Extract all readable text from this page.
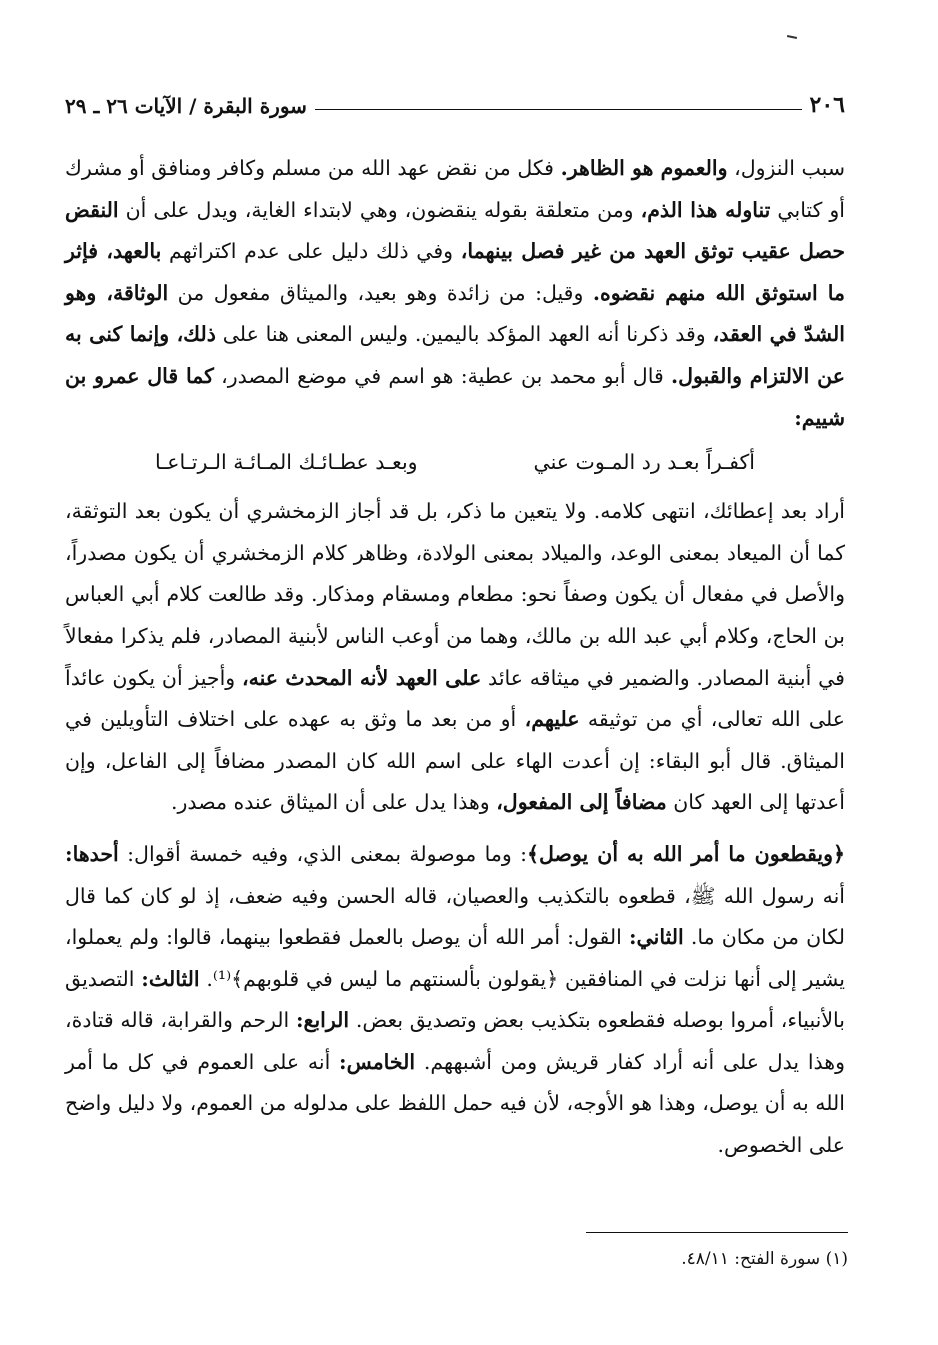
٢٠٦
سورة البقرة / الآيات ٢٦ ـ ٢٩

سبب النزول، والعموم هو الظاهر. فكل من نقض عهد الله من مسلم وكافر ومنافق أو مشرك أو كتابي تناوله هذا الذم، ومن متعلقة بقوله ينقضون، وهي لابتداء الغاية، ويدل على أن النقض حصل عقيب توثق العهد من غير فصل بينهما، وفي ذلك دليل على عدم اكتراثهم بالعهد، فإثر ما استوثق الله منهم نقضوه. وقيل: من زائدة وهو بعيد، والميثاق مفعول من الوثاقة، وهو الشدّ في العقد، وقد ذكرنا أنه العهد المؤكد باليمين. وليس المعنى هنا على ذلك، وإنما كنى به عن الالتزام والقبول. قال أبو محمد بن عطية: هو اسم في موضع المصدر، كما قال عمرو بن شييم:

أكفـراً بعـد رد المـوت عني
وبعـد عطـائـك المـائـة الـرتـاعـا

أراد بعد إعطائك، انتهى كلامه. ولا يتعين ما ذكر، بل قد أجاز الزمخشري أن يكون بعد التوثقة، كما أن الميعاد بمعنى الوعد، والميلاد بمعنى الولادة، وظاهر كلام الزمخشري أن يكون مصدراً، والأصل في مفعال أن يكون وصفاً نحو: مطعام ومسقام ومذكار. وقد طالعت كلام أبي العباس بن الحاج، وكلام أبي عبد الله بن مالك، وهما من أوعب الناس لأبنية المصادر، فلم يذكرا مفعالاً في أبنية المصادر. والضمير في ميثاقه عائد على العهد لأنه المحدث عنه، وأجيز أن يكون عائداً على الله تعالى، أي من توثيقه عليهم، أو من بعد ما وثق به عهده على اختلاف التأويلين في الميثاق. قال أبو البقاء: إن أعدت الهاء على اسم الله كان المصدر مضافاً إلى الفاعل، وإن أعدتها إلى العهد كان مضافاً إلى المفعول، وهذا يدل على أن الميثاق عنده مصدر.

﴿ويقطعون ما أمر الله به أن يوصل﴾: وما موصولة بمعنى الذي، وفيه خمسة أقوال: أحدها: أنه رسول الله ﷺ، قطعوه بالتكذيب والعصيان، قاله الحسن وفيه ضعف، إذ لو كان كما قال لكان من مكان ما. الثاني: القول: أمر الله أن يوصل بالعمل فقطعوا بينهما، قالوا: ولم يعملوا، يشير إلى أنها نزلت في المنافقين ﴿يقولون بألسنتهم ما ليس في قلوبهم﴾⁽¹⁾. الثالث: التصديق بالأنبياء، أمروا بوصله فقطعوه بتكذيب بعض وتصديق بعض. الرابع: الرحم والقرابة، قاله قتادة، وهذا يدل على أنه أراد كفار قريش ومن أشبههم. الخامس: أنه على العموم في كل ما أمر الله به أن يوصل، وهذا هو الأوجه، لأن فيه حمل اللفظ على مدلوله من العموم، ولا دليل واضح على الخصوص.

(١) سورة الفتح: ٤٨/١١.
